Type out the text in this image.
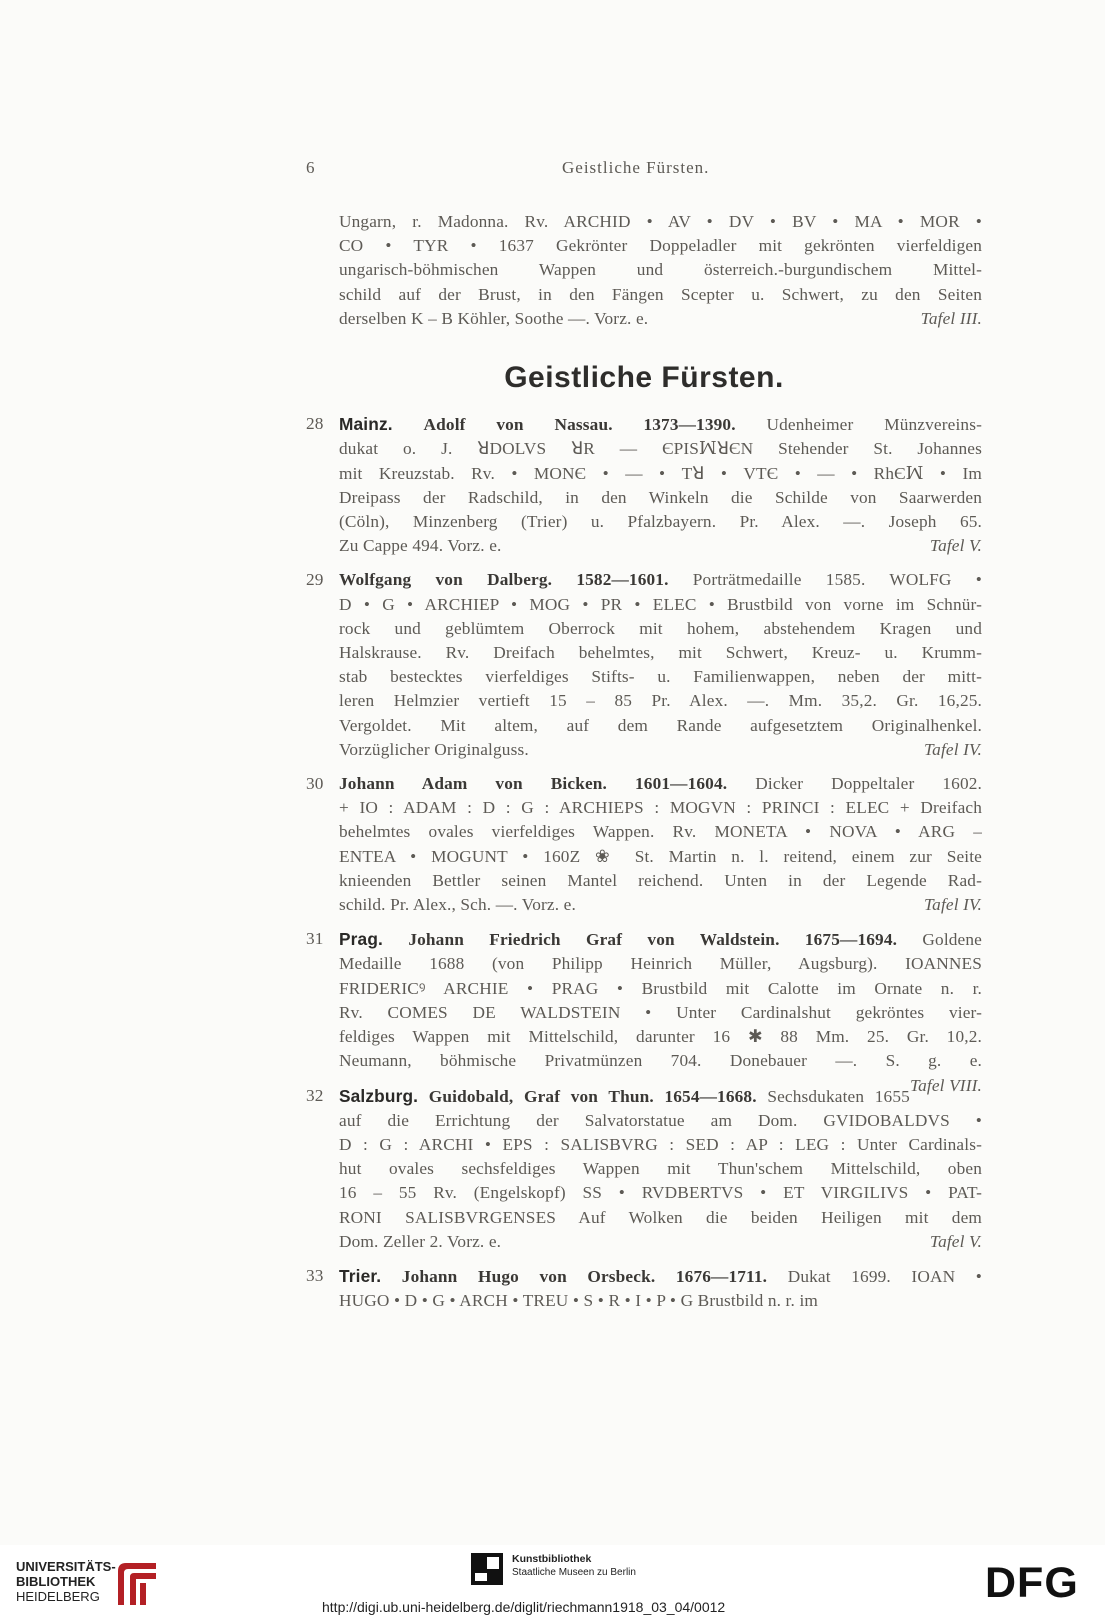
6	Geistliche Fürsten.
Ungarn, r. Madonna. Rv. ARCHID • AV • DV • BV • MA • MOR •
CO • TYR • 1637 Gekrönter Doppeladler mit gekrönten vierfeldigen
ungarisch-böhmischen Wappen und österreich.-burgundischem Mittel-
schild auf der Brust, in den Fängen Scepter u. Schwert, zu den Seiten
derselben K – B Köhler, Soothe —. Vorz. e.	Tafel III.
Geistliche Fürsten.
28 Mainz. Adolf von Nassau. 1373—1390. Udenheimer Münzvereins-
dukat o. J. ꓤDOLVS ꓤR — ЄPISꟽꓤЄN Stehender St. Johannes
mit Kreuzstab. Rv. • MONЄ • — • Tꓤ • VTЄ • — • RhЄꟽ • Im
Dreipass der Radschild, in den Winkeln die Schilde von Saarwerden
(Cöln), Minzenberg (Trier) u. Pfalzbayern. Pr. Alex. —. Joseph 65.
Zu Cappe 494. Vorz. e.	Tafel V.
29 Wolfgang von Dalberg. 1582—1601. Porträtmedaille 1585. WOLFG •
D • G • ARCHIEP • MOG • PR • ELEC • Brustbild von vorne im Schnür-
rock und geblümtem Oberrock mit hohem, abstehendem Kragen und
Halskrause. Rv. Dreifach behelmtes, mit Schwert, Kreuz- u. Krumm-
stab bestecktes vierfeldiges Stifts- u. Familienwappen, neben der mitt-
leren Helmzier vertieft 15 – 85 Pr. Alex. —. Mm. 35,2. Gr. 16,25.
Vergoldet. Mit altem, auf dem Rande aufgesetztem Originalhenkel.
Vorzüglicher Originalguss.	Tafel IV.
30 Johann Adam von Bicken. 1601—1604. Dicker Doppeltaler 1602.
+ IO : ADAM : D : G : ARCHIEPS : MOGVN : PRINCI : ELEC + Dreifach
behelmtes ovales vierfeldiges Wappen. Rv. MONETA • NOVA • ARG –
ENTEA • MOGUNT • 160Z ❀ St. Martin n. l. reitend, einem zur Seite
knieenden Bettler seinen Mantel reichend. Unten in der Legende Rad-
schild. Pr. Alex., Sch. —. Vorz. e.	Tafel IV.
31 Prag. Johann Friedrich Graf von Waldstein. 1675—1694. Goldene
Medaille 1688 (von Philipp Heinrich Müller, Augsburg). IOANNES
FRIDERICꝰ ARCHIE • PRAG • Brustbild mit Calotte im Ornate n. r.
Rv. COMES DE WALDSTEIN • Unter Cardinalshut gekröntes vier-
feldiges Wappen mit Mittelschild, darunter 16 ✱ 88 Mm. 25. Gr. 10,2.
Neumann, böhmische Privatmünzen 704. Donebauer —. S. g. e.
Tafel VIII.
32 Salzburg. Guidobald, Graf von Thun. 1654—1668. Sechsdukaten 1655
auf die Errichtung der Salvatorstatue am Dom. GVIDOBALDVS •
D : G : ARCHI • EPS : SALISBVRG : SED : AP : LEG : Unter Cardinals-
hut ovales sechsfeldiges Wappen mit Thun'schem Mittelschild, oben
16 – 55 Rv. (Engelskopf) SS • RVDBERTVS • ET VIRGILIVS • PAT-
RONI SALISBVRGENSES Auf Wolken die beiden Heiligen mit dem
Dom. Zeller 2. Vorz. e.	Tafel V.
33 Trier. Johann Hugo von Orsbeck. 1676—1711. Dukat 1699. IOAN •
HUGO • D • G • ARCH • TREU • S • R • I • P • G Brustbild n. r. im
UNIVERSITÄTS-
BIBLIOTHEK
HEIDELBERG
Kunstbibliothek
Staatliche Museen zu Berlin	DFG
http://digi.ub.uni-heidelberg.de/diglit/riechmann1918_03_04/0012
